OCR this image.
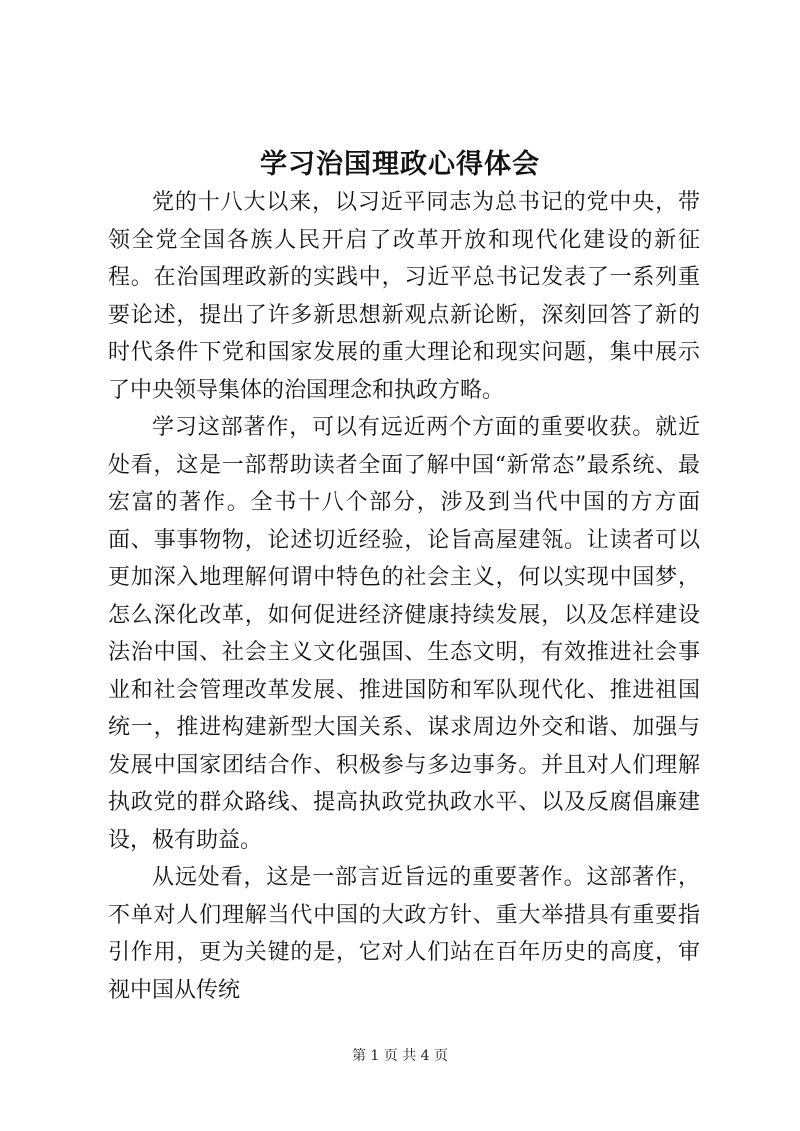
学习治国理政心得体会

党的十八大以来，以习近平同志为总书记的党中央，带领全党全国各族人民开启了改革开放和现代化建设的新征程。在治国理政新的实践中，习近平总书记发表了一系列重要论述，提出了许多新思想新观点新论断，深刻回答了新的时代条件下党和国家发展的重大理论和现实问题，集中展示了中央领导集体的治国理念和执政方略。

学习这部著作，可以有远近两个方面的重要收获。就近处看，这是一部帮助读者全面了解中国“新常态”最系统、最宏富的著作。全书十八个部分，涉及到当代中国的方方面面、事事物物，论述切近经验，论旨高屋建瓴。让读者可以更加深入地理解何谓中特色的社会主义，何以实现中国梦，怎么深化改革，如何促进经济健康持续发展，以及怎样建设法治中国、社会主义文化强国、生态文明，有效推进社会事业和社会管理改革发展、推进国防和军队现代化、推进祖国统一，推进构建新型大国关系、谋求周边外交和谐、加强与发展中国家团结合作、积极参与多边事务。并且对人们理解执政党的群众路线、提高执政党执政水平、以及反腐倡廉建设，极有助益。

从远处看，这是一部言近旨远的重要著作。这部著作，不单对人们理解当代中国的大政方针、重大举措具有重要指引作用，更为关键的是，它对人们站在百年历史的高度，审视中国从传统

第 1 页 共 4 页
